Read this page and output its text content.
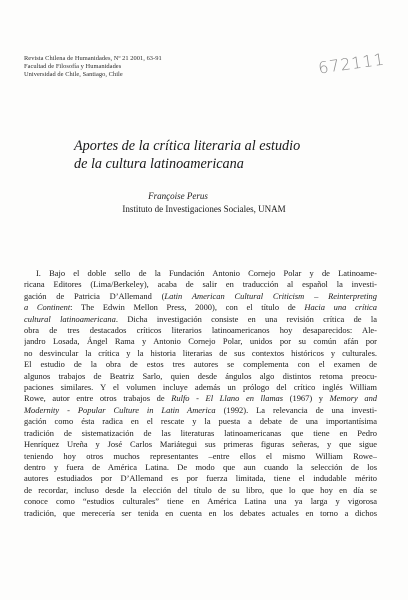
Revista Chilena de Humanidades, Nº 21 2001, 63-91
Facultad de Filosofía y Humanidades
Universidad de Chile, Santiago, Chile	672111
Aportes de la crítica literaria al estudio
de la cultura latinoamericana
Françoise Perus
Instituto de Investigaciones Sociales, UNAM
I. Bajo el doble sello de la Fundación Antonio Cornejo Polar y de Latinoame-
ricana Editores (Lima/Berkeley), acaba de salir en traducción al español la investi-
gación de Patricia D’Allemand (Latin American Cultural Criticism – Reinterpreting
a Continent: The Edwin Mellon Press, 2000), con el título de Hacia una crítica
cultural latinoamericana. Dicha investigación consiste en una revisión crítica de la
obra de tres destacados críticos literarios latinoamericanos hoy desaparecidos: Ale-
jandro Losada, Ángel Rama y Antonio Cornejo Polar, unidos por su común afán por
no desvincular la crítica y la historia literarias de sus contextos históricos y culturales.
El estudio de la obra de estos tres autores se complementa con el examen de
algunos trabajos de Beatriz Sarlo, quien desde ángulos algo distintos retoma preocu-
paciones similares. Y el volumen incluye además un prólogo del crítico inglés William
Rowe, autor entre otros trabajos de Rulfo - El Llano en llamas (1967) y Memory and
Modernity - Popular Culture in Latin America (1992). La relevancia de una investi-
gación como ésta radica en el rescate y la puesta a debate de una importantísima
tradición de sistematización de las literaturas latinoamericanas que tiene en Pedro
Henríquez Ureña y José Carlos Mariátegui sus primeras figuras señeras, y que sigue
teniendo hoy otros muchos representantes –entre ellos el mismo William Rowe–
dentro y fuera de América Latina. De modo que aun cuando la selección de los
autores estudiados por D’Allemand es por fuerza limitada, tiene el indudable mérito
de recordar, incluso desde la elección del título de su libro, que lo que hoy en día se
conoce como “estudios culturales” tiene en América Latina una ya larga y vigorosa
tradición, que merecería ser tenida en cuenta en los debates actuales en torno a dichos
